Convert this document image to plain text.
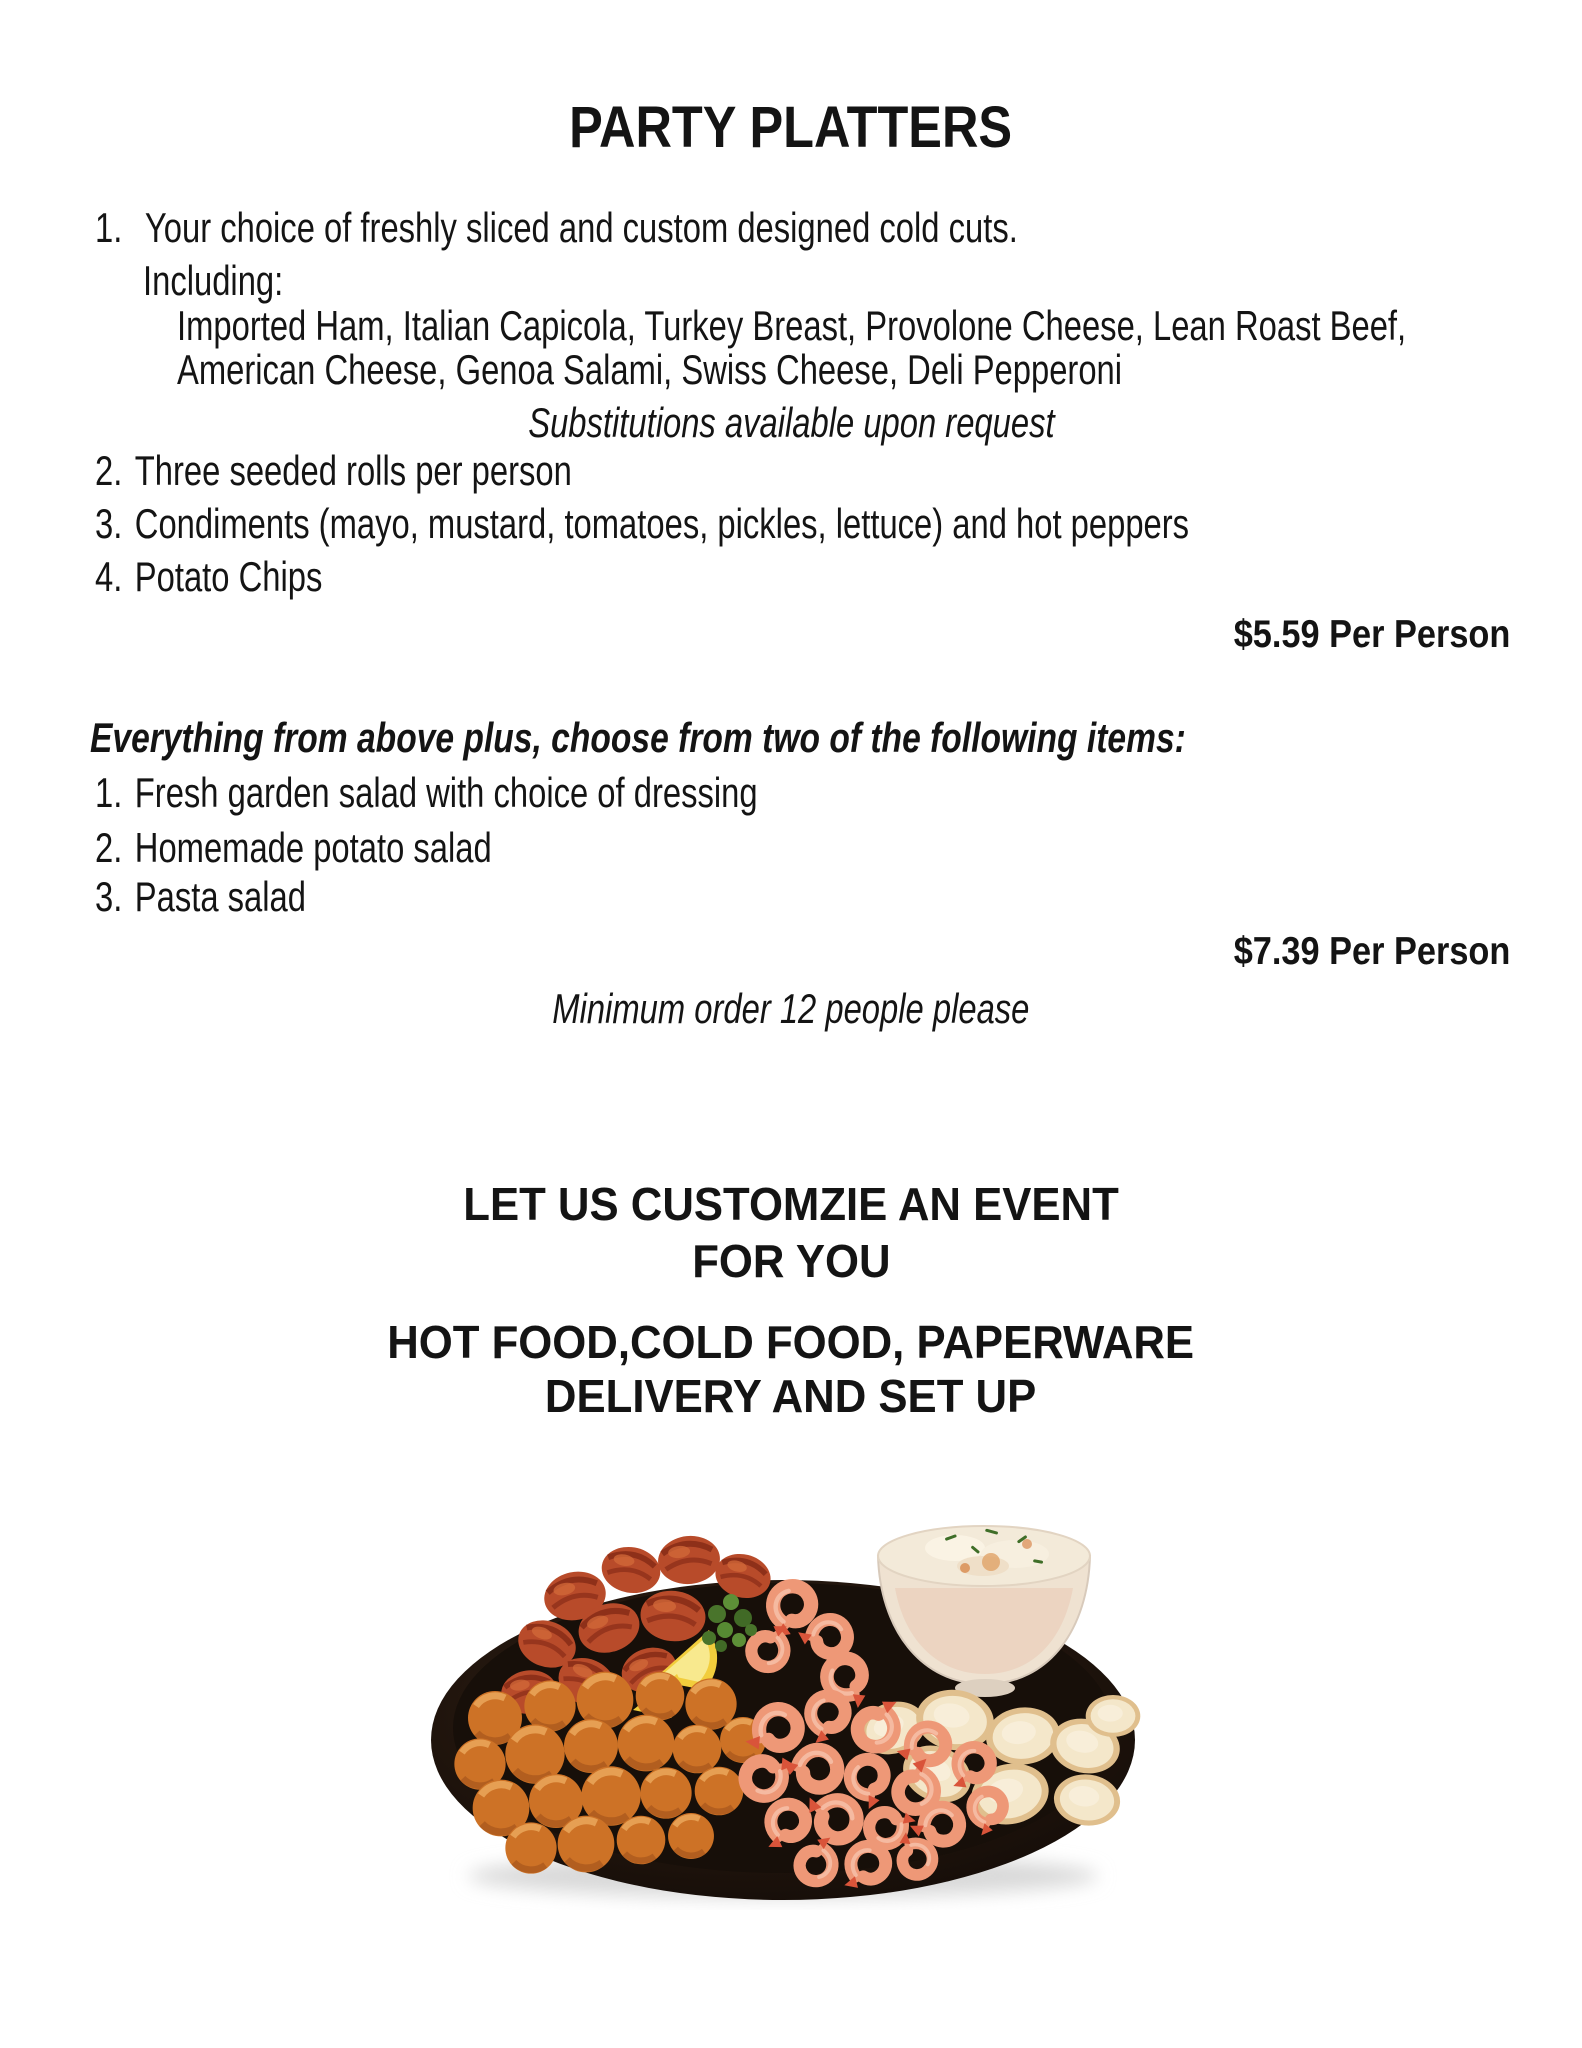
PARTY PLATTERS
1. Your choice of freshly sliced and custom designed cold cuts.
Including:
Imported Ham, Italian Capicola, Turkey Breast, Provolone Cheese, Lean Roast Beef,
American Cheese, Genoa Salami, Swiss Cheese, Deli Pepperoni
Substitutions available upon request
2. Three seeded rolls per person
3. Condiments (mayo, mustard, tomatoes, pickles, lettuce) and hot peppers
4. Potato Chips
$5.59 Per Person
Everything from above plus, choose from two of the following items:
1. Fresh garden salad with choice of dressing
2. Homemade potato salad
3. Pasta salad
$7.39 Per Person
Minimum order 12 people please
LET US CUSTOMZIE AN EVENT
FOR YOU
HOT FOOD,COLD FOOD, PAPERWARE
DELIVERY AND SET UP
